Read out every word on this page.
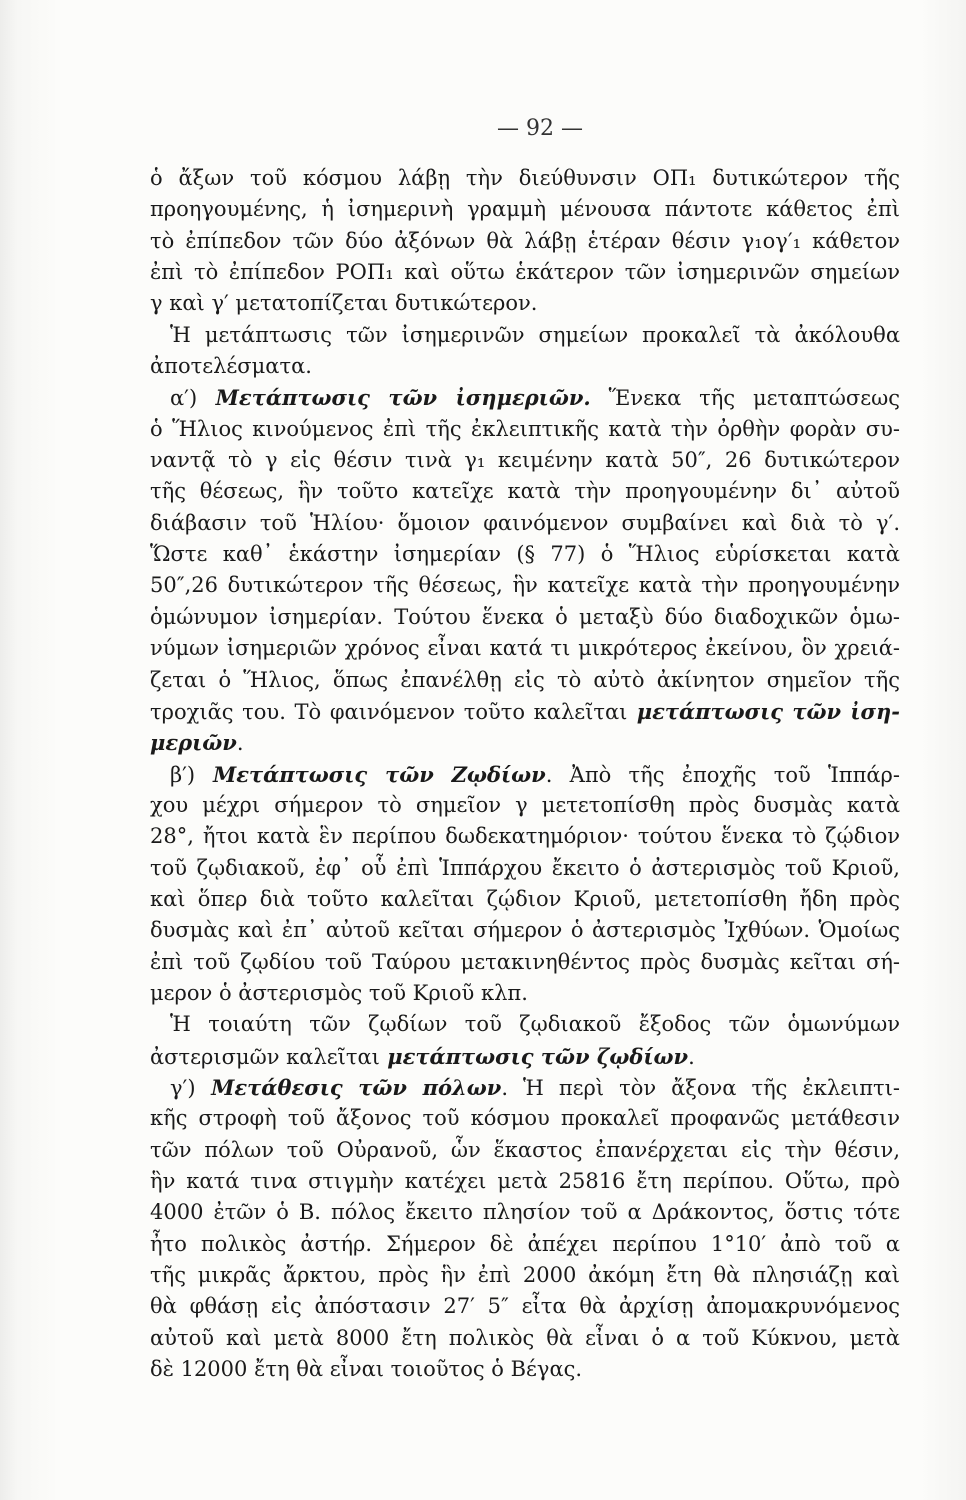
— 92 —
ὁ ἄξων τοῦ κόσμου λάβῃ τὴν διεύθυνσιν ΟΠ₁ δυτικώτερον τῆς
προηγουμένης, ἡ ἰσημερινὴ γραμμὴ μένουσα πάντοτε κάθετος ἐπὶ
τὸ ἐπίπεδον τῶν δύο ἀξόνων θὰ λάβῃ ἑτέραν θέσιν γ₁ογ′₁ κάθετον
ἐπὶ τὸ ἐπίπεδον ΡΟΠ₁ καὶ οὕτω ἑκάτερον τῶν ἰσημερινῶν σημείων
γ καὶ γ′ μετατοπίζεται δυτικώτερον.
Ἡ μετάπτωσις τῶν ἰσημερινῶν σημείων προκαλεῖ τὰ ἀκόλουθα
ἀποτελέσματα.
α′) Μετάπτωσις τῶν ἰσημεριῶν. Ἕνεκα τῆς μεταπτώσεως
ὁ Ἥλιος κινούμενος ἐπὶ τῆς ἐκλειπτικῆς κατὰ τὴν ὀρθὴν φορὰν συ-
ναντᾷ τὸ γ εἰς θέσιν τινὰ γ₁ κειμένην κατὰ 50″, 26 δυτικώτερον
τῆς θέσεως, ἣν τοῦτο κατεῖχε κατὰ τὴν προηγουμένην δι᾿ αὐτοῦ
διάβασιν τοῦ Ἡλίου· ὅμοιον φαινόμενον συμβαίνει καὶ διὰ τὸ γ′.
Ὥστε καθ᾿ ἑκάστην ἰσημερίαν (§ 77) ὁ Ἥλιος εὑρίσκεται κατὰ
50″,26 δυτικώτερον τῆς θέσεως, ἣν κατεῖχε κατὰ τὴν προηγουμένην
ὁμώνυμον ἰσημερίαν. Τούτου ἕνεκα ὁ μεταξὺ δύο διαδοχικῶν ὁμω-
νύμων ἰσημεριῶν χρόνος εἶναι κατά τι μικρότερος ἐκείνου, ὃν χρειά-
ζεται ὁ Ἥλιος, ὅπως ἐπανέλθῃ εἰς τὸ αὐτὸ ἀκίνητον σημεῖον τῆς
τροχιᾶς του. Τὸ φαινόμενον τοῦτο καλεῖται μετάπτωσις τῶν ἰση-
μεριῶν.
β′) Μετάπτωσις τῶν Ζῳδίων. Ἀπὸ τῆς ἐποχῆς τοῦ Ἱππάρ-
χου μέχρι σήμερον τὸ σημεῖον γ μετετοπίσθη πρὸς δυσμὰς κατὰ
28°, ἤτοι κατὰ ἓν περίπου δωδεκατημόριον· τούτου ἕνεκα τὸ ζῴδιον
τοῦ ζῳδιακοῦ, ἐφ᾿ οὗ ἐπὶ Ἱππάρχου ἔκειτο ὁ ἀστερισμὸς τοῦ Κριοῦ,
καὶ ὅπερ διὰ τοῦτο καλεῖται ζῴδιον Κριοῦ, μετετοπίσθη ἤδη πρὸς
δυσμὰς καὶ ἐπ᾿ αὐτοῦ κεῖται σήμερον ὁ ἀστερισμὸς Ἰχθύων. Ὁμοίως
ἐπὶ τοῦ ζῳδίου τοῦ Ταύρου μετακινηθέντος πρὸς δυσμὰς κεῖται σή-
μερον ὁ ἀστερισμὸς τοῦ Κριοῦ κλπ.
Ἡ τοιαύτη τῶν ζῳδίων τοῦ ζῳδιακοῦ ἔξοδος τῶν ὁμωνύμων
ἀστερισμῶν καλεῖται μετάπτωσις τῶν ζῳδίων.
γ′) Μετάθεσις τῶν πόλων. Ἡ περὶ τὸν ἄξονα τῆς ἐκλειπτι-
κῆς στροφὴ τοῦ ἄξονος τοῦ κόσμου προκαλεῖ προφανῶς μετάθεσιν
τῶν πόλων τοῦ Οὐρανοῦ, ὧν ἕκαστος ἐπανέρχεται εἰς τὴν θέσιν,
ἣν κατά τινα στιγμὴν κατέχει μετὰ 25816 ἔτη περίπου. Οὕτω, πρὸ
4000 ἐτῶν ὁ Β. πόλος ἔκειτο πλησίον τοῦ α Δράκοντος, ὅστις τότε
ἦτο πολικὸς ἀστήρ. Σήμερον δὲ ἀπέχει περίπου 1°10′ ἀπὸ τοῦ α
τῆς μικρᾶς ἄρκτου, πρὸς ἣν ἐπὶ 2000 ἀκόμη ἔτη θὰ πλησιάζῃ καὶ
θὰ φθάσῃ εἰς ἀπόστασιν 27′ 5″ εἶτα θὰ ἀρχίσῃ ἀπομακρυνόμενος
αὐτοῦ καὶ μετὰ 8000 ἔτη πολικὸς θὰ εἶναι ὁ α τοῦ Κύκνου, μετὰ
δὲ 12000 ἔτη θὰ εἶναι τοιοῦτος ὁ Βέγας.
